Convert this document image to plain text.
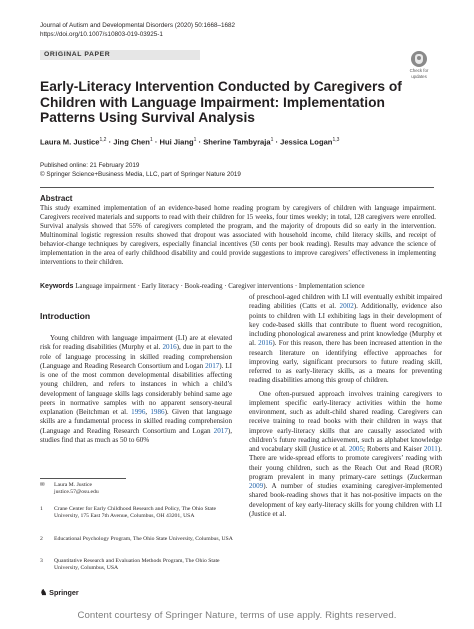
Journal of Autism and Developmental Disorders (2020) 50:1668–1682
https://doi.org/10.1007/s10803-019-03925-1
ORIGINAL PAPER
Check for
updates
Early‑Literacy Intervention Conducted by Caregivers of Children with Language Impairment: Implementation Patterns Using Survival Analysis
Laura M. Justice$^{1,2}$ · Jing Chen$^1$ · Hui Jiang$^1$ · Sherine Tambyraja$^1$ · Jessica Logan$^{1,3}$
Published online: 21 February 2019
© Springer Science+Business Media, LLC, part of Springer Nature 2019
Abstract
This study examined implementation of an evidence-based home reading program by caregivers of children with language impairment. Caregivers received materials and supports to read with their children for 15 weeks, four times weekly; in total, 128 caregivers were enrolled. Survival analysis showed that 55% of caregivers completed the program, and the majority of dropouts did so early in the intervention. Multinominal logistic regression results showed that dropout was associated with household income, child literacy skills, and receipt of behavior-change techniques by caregivers, especially financial incentives (50 cents per book reading). Results may advance the science of implementation in the area of early childhood disability and could provide suggestions to improve caregivers’ effectiveness in implementing interventions to their children.
Keywords Language impairment · Early literacy · Book-reading · Caregiver interventions · Implementation science
Introduction

Young children with language impairment (LI) are at elevated risk for reading disabilities (Murphy et al. 2016), due in part to the role of language processing in skilled reading comprehension (Language and Reading Research Consortium and Logan 2017). LI is one of the most common developmental disabilities affecting young children, and refers to instances in which a child’s development of language skills lags considerably behind same age peers in normative samples with no apparent sensory-neural explanation (Beitchman et al. 1996, 1986). Given that language skills are a fundamental process in skilled reading comprehension (Language and Reading Research Consortium and Logan 2017), studies find that as much as 50 to 60%

of preschool-aged children with LI will eventually exhibit impaired reading abilities (Catts et al. 2002). Additionally, evidence also points to children with LI exhibiting lags in their development of key code-based skills that contribute to fluent word recognition, including phonological awareness and print knowledge (Murphy et al. 2016). For this reason, there has been increased attention in the research literature on identifying effective approaches for improving early, significant precursors to future reading skill, referred to as early-literacy skills, as a means for preventing reading disabilities among this group of children.

One often-pursued approach involves training caregivers to implement specific early-literacy activities within the home environment, such as adult-child shared reading. Caregivers can receive training to read books with their children in ways that improve early-literacy skills that are causally associated with children’s future reading achievement, such as alphabet knowledge and vocabulary skill (Justice et al. 2005; Roberts and Kaiser 2011). There are wide-spread efforts to promote caregivers’ reading with their young children, such as the Reach Out and Read (ROR) program prevalent in many primary-care settings (Zuckerman 2009). A number of studies examining caregiver-implemented shared book-reading shows that it has not-positive impacts on the development of key early-literacy skills for young children with LI (Justice et al.

✉	Laura M. Justice
justice.57@osu.edu
1	Crane Center for Early Childhood Research and Policy, The Ohio State University, 175 East 7th Avenue, Columbus, OH 43201, USA
2	Educational Psychology Program, The Ohio State University, Columbus, USA
3	Quantitative Research and Evaluation Methods Program, The Ohio State University, Columbus, USA
♞ Springer
Content courtesy of Springer Nature, terms of use apply. Rights reserved.
